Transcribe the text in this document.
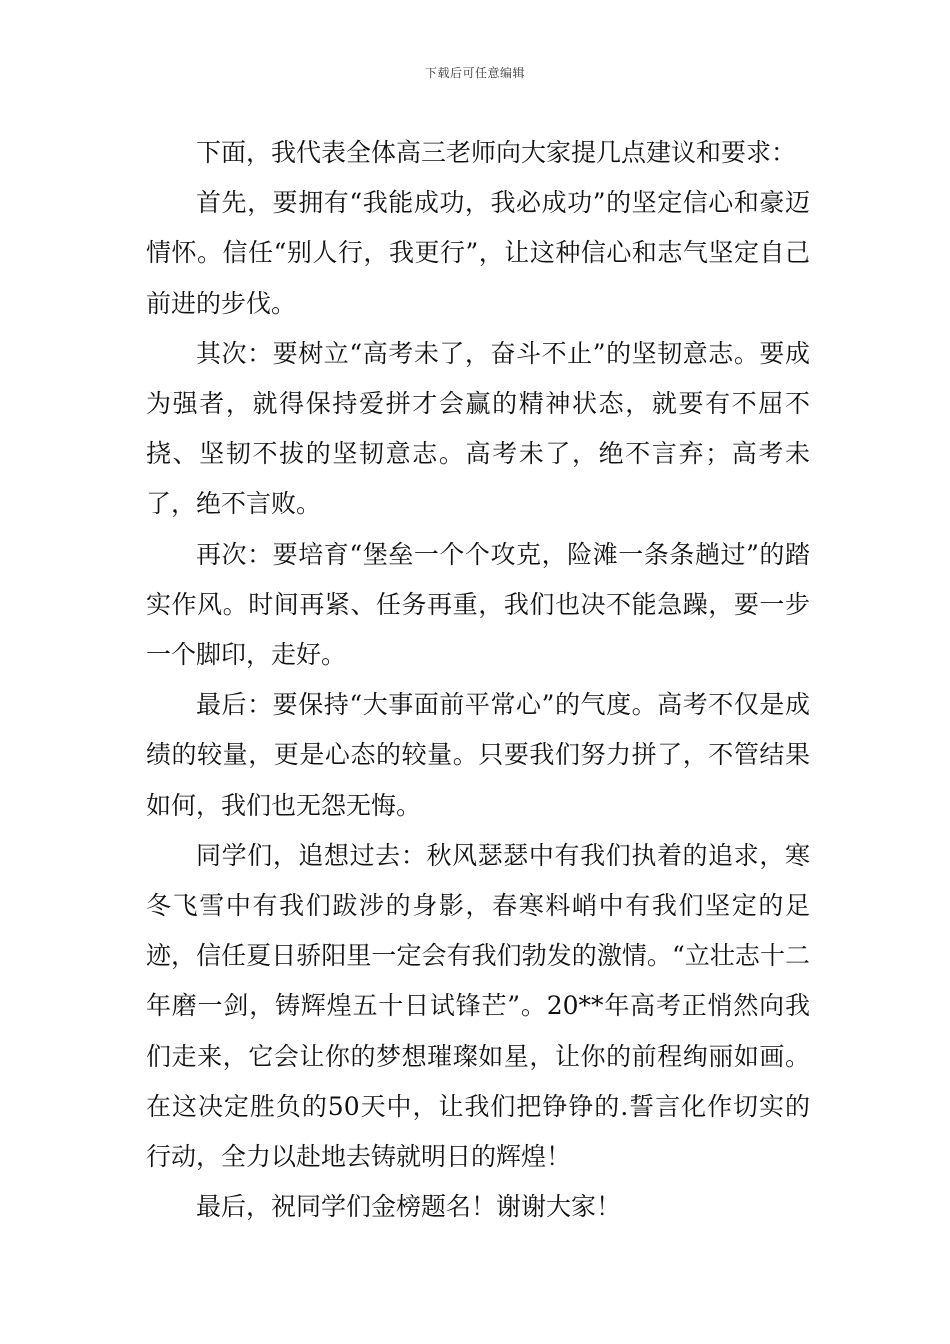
下载后可任意编辑

下面，我代表全体高三老师向大家提几点建议和要求：

首先，要拥有“我能成功，我必成功”的坚定信心和豪迈情怀。信任“别人行，我更行”，让这种信心和志气坚定自己前进的步伐。

其次：要树立“高考未了，奋斗不止”的坚韧意志。要成为强者，就得保持爱拼才会赢的精神状态，就要有不屈不挠、坚韧不拔的坚韧意志。高考未了，绝不言弃；高考未了，绝不言败。

再次：要培育“堡垒一个个攻克，险滩一条条趟过”的踏实作风。时间再紧、任务再重，我们也决不能急躁，要一步一个脚印，走好。

最后：要保持“大事面前平常心”的气度。高考不仅是成绩的较量，更是心态的较量。只要我们努力拼了，不管结果如何，我们也无怨无悔。

同学们，追想过去：秋风瑟瑟中有我们执着的追求，寒冬飞雪中有我们跋涉的身影，春寒料峭中有我们坚定的足迹，信任夏日骄阳里一定会有我们勃发的激情。“立壮志十二年磨一剑，铸辉煌五十日试锋芒”。20**年高考正悄然向我们走来，它会让你的梦想璀璨如星，让你的前程绚丽如画。在这决定胜负的50天中，让我们把铮铮的.誓言化作切实的行动，全力以赴地去铸就明日的辉煌！

最后，祝同学们金榜题名！谢谢大家！
